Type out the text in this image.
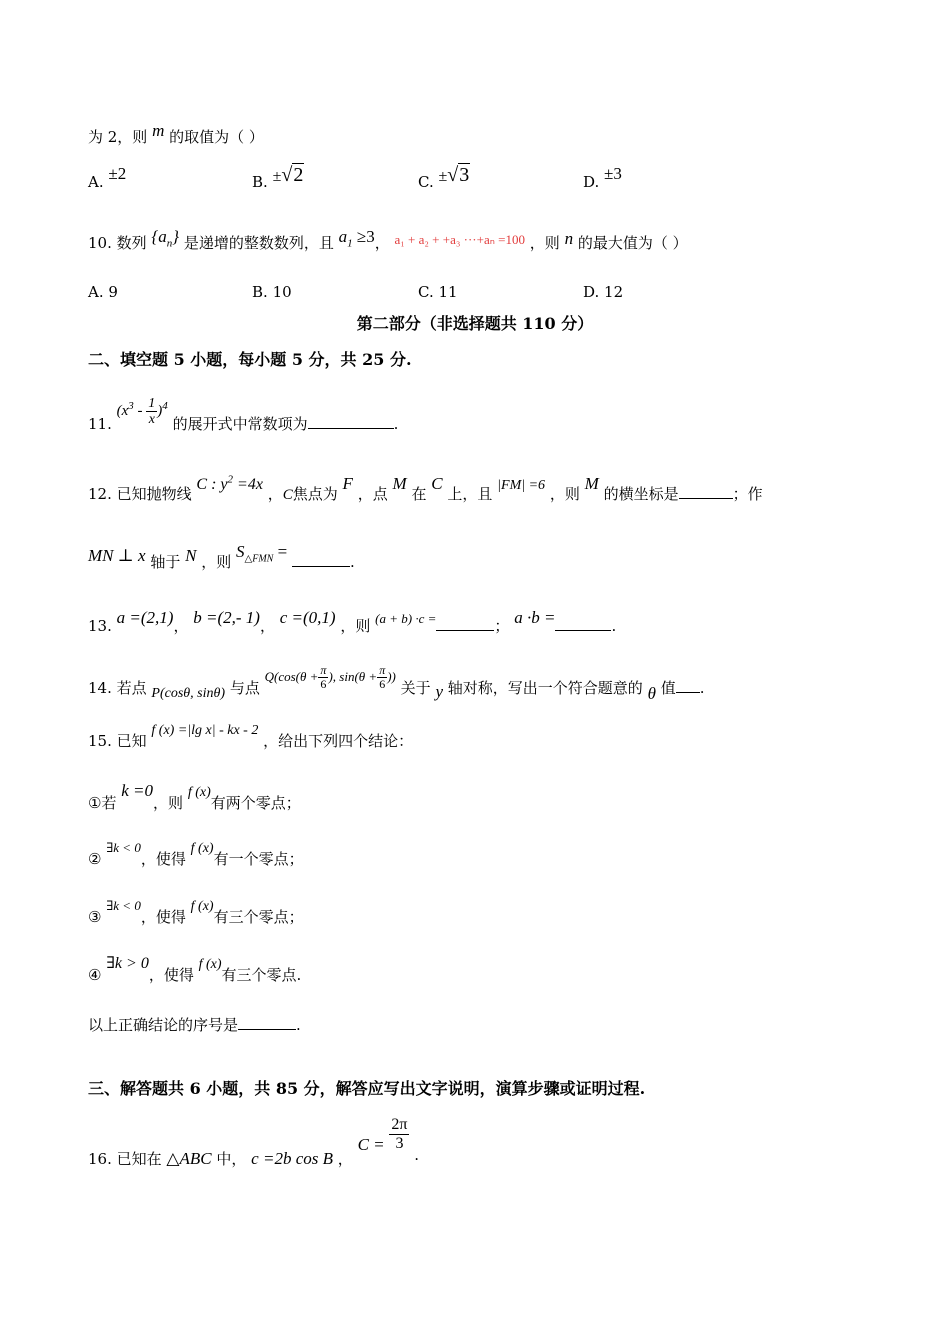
为 2，则 m 的取值为（ ）
A. ±2	B. ±√2	C. ±√3	D. ±3
10. 数列 $\{a_n\}$ 是递增的整数数列，且 $a_1 \ge 3$， a₁ + a₂ + +a₃ ···+aₙ =100 ，则 n 的最大值为（ ）
A. 9	B. 10	C. 11	D. 12
第二部分（非选择题共 110 分）
二、填空题 5 小题，每小题 5 分，共 25 分.
11. $(x^3 - \frac{1}{x} )^4$ 的展开式中常数项为	.
12. 已知抛物线 C : $y^2 =4x$ ，C焦点为 F ，点 M 在 C 上，且 |FM| =6 ，则 M 的横坐标是	；作
MN ⊥ x 轴于 N ，则 $S_{\triangle FMN}$ = .
13. a =(2,1)， b =(2,- 1)， c =(0,1) ，则 (a + b) ·c =	； a ·b =	.
14. 若点 P(cosθ, sinθ) 与点 $Q(\cos(\theta + \frac{\pi}{6}$ ), $\sin(\theta + \frac{\pi}{6}$ )) 关于 y 轴对称，写出一个符合题意的 θ 值 .
15. 已知 f (x) =|lg x| - kx - 2 ，给出下列四个结论：
①若 k =0，则 f (x)有两个零点；
② ∃k < 0，使得 f (x)有一个零点；
③ ∃k < 0，使得 f (x)有三个零点；
④ ∃k > 0，使得 f (x)有三个零点.
以上正确结论的序号是	.
三、解答题共 6 小题，共 85 分，解答应写出文字说明，演算步骤或证明过程.
16. 已知在 △ABC 中， c =2b cos B ， $C = \frac{2\pi}{3}$
.
